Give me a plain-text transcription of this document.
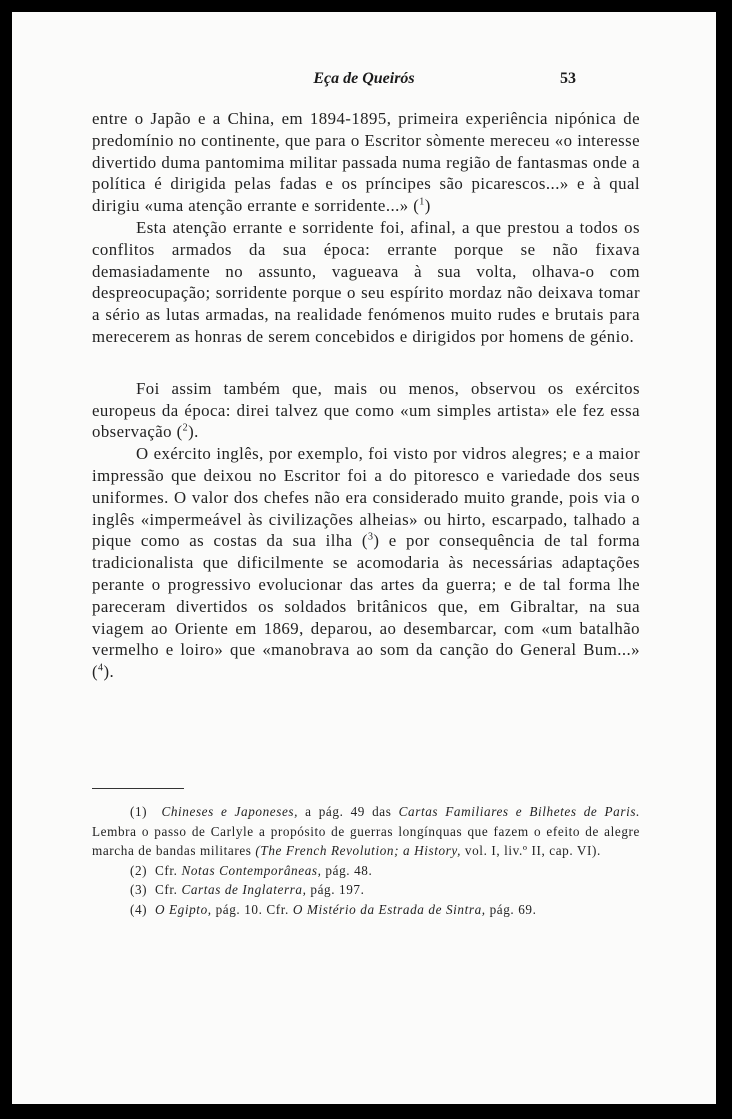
Eça de Queirós	53

entre o Japão e a China, em 1894-1895, primeira experiência nipónica de predomínio no continente, que para o Escritor sòmente mereceu «o interesse divertido duma pantomima militar passada numa região de fantasmas onde a política é dirigida pelas fadas e os príncipes são picarescos...» e à qual dirigiu «uma atenção errante e sorridente...» ($^1$)

Esta atenção errante e sorridente foi, afinal, a que prestou a todos os conflitos armados da sua época: errante porque se não fixava demasiadamente no assunto, vagueava à sua volta, olhava-o com despreocupação; sorridente porque o seu espírito mordaz não deixava tomar a sério as lutas armadas, na realidade fenómenos muito rudes e brutais para merecerem as honras de serem concebidos e dirigidos por homens de génio.

Foi assim também que, mais ou menos, observou os exércitos europeus da época: direi talvez que como «um simples artista» ele fez essa observação ($^2$).

O exército inglês, por exemplo, foi visto por vidros alegres; e a maior impressão que deixou no Escritor foi a do pitoresco e variedade dos seus uniformes. O valor dos chefes não era considerado muito grande, pois via o inglês «impermeável às civilizações alheias» ou hirto, escarpado, talhado a pique como as costas da sua ilha ($^3$) e por consequência de tal forma tradicionalista que dificilmente se acomodaria às necessárias adaptações perante o progressivo evolucionar das artes da guerra; e de tal forma lhe pareceram divertidos os soldados britânicos que, em Gibraltar, na sua viagem ao Oriente em 1869, deparou, ao desembarcar, com «um batalhão vermelho e loiro» que «manobrava ao som da canção do General Bum...» ($^4$).

(1) Chineses e Japoneses, a pág. 49 das Cartas Familiares e Bilhetes de Paris. Lembra o passo de Carlyle a propósito de guerras longínquas que fazem o efeito de alegre marcha de bandas militares (The French Revolution; a History, vol. I, liv.º II, cap. VI).

(2) Cfr. Notas Contemporâneas, pág. 48.

(3) Cfr. Cartas de Inglaterra, pág. 197.

(4) O Egipto, pág. 10. Cfr. O Mistério da Estrada de Sintra, pág. 69.
